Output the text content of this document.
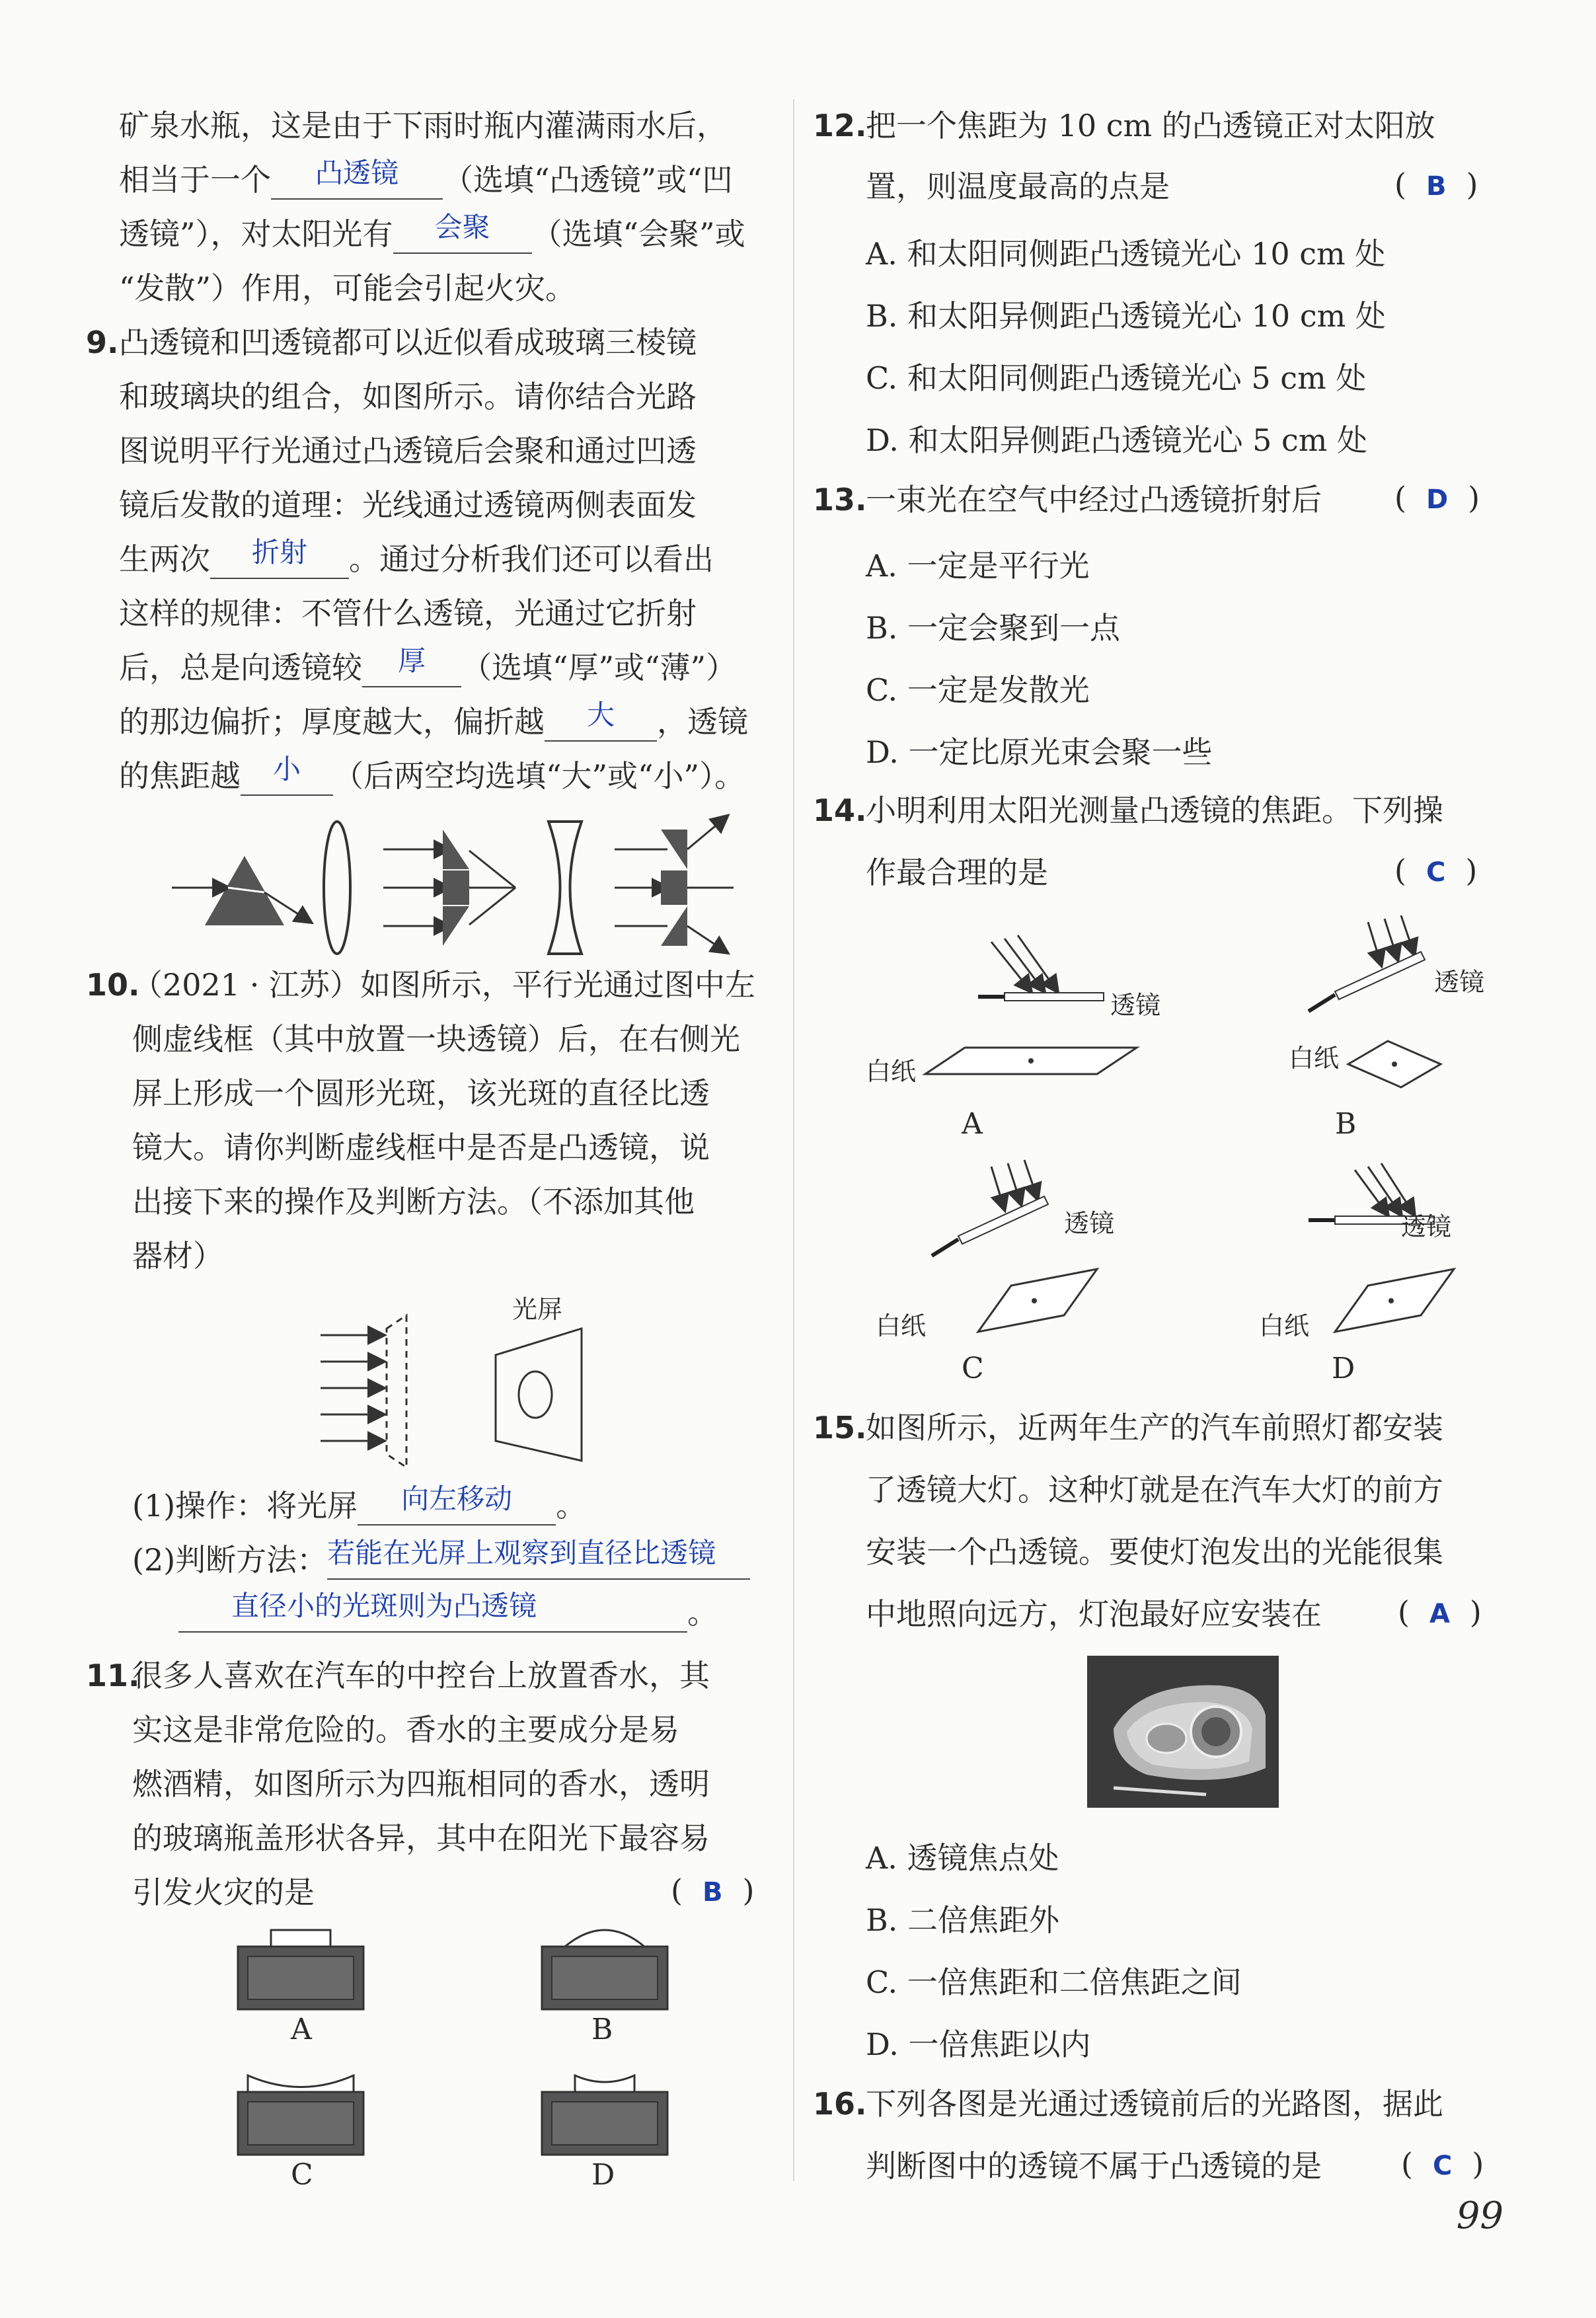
矿泉水瓶，这是由于下雨时瓶内灌满雨水后，
相当于一个 凸透镜 （选填“凸透镜”或“凹
透镜”），对太阳光有 会聚 （选填“会聚”或
“发散”）作用，可能会引起火灾。
9. 凸透镜和凹透镜都可以近似看成玻璃三棱镜
和玻璃块的组合，如图所示。请你结合光路
图说明平行光通过凸透镜后会聚和通过凹透
镜后发散的道理：光线通过透镜两侧表面发
生两次 折射 。通过分析我们还可以看出
这样的规律：不管什么透镜，光通过它折射
后，总是向透镜较 厚 （选填“厚”或“薄”）
的那边偏折；厚度越大，偏折越 大 ，透镜
的焦距越 小 （后两空均选填“大”或“小”）。
10.
（2021 · 江苏）如图所示，平行光通过图中左
侧虚线框（其中放置一块透镜）后，在右侧光
屏上形成一个圆形光斑，该光斑的直径比透
镜大。请你判断虚线框中是否是凸透镜，说
出接下来的操作及判断方法。（不添加其他
器材）
光屏
(1)操作：将光屏 向左移动 。
(2)判断方法：若能在光屏上观察到直径比透镜
直径小的光斑则为凸透镜	。
11.
很多人喜欢在汽车的中控台上放置香水，其
实这是非常危险的。香水的主要成分是易
燃酒精，如图所示为四瓶相同的香水，透明
的玻璃瓶盖形状各异，其中在阳光下最容易
引发火灾的是	( B )
A	B
C	D
12.
把一个焦距为 10 cm 的凸透镜正对太阳放
置，则温度最高的点是	( B )
A. 和太阳同侧距凸透镜光心 10 cm 处
B. 和太阳异侧距凸透镜光心 10 cm 处
C. 和太阳同侧距凸透镜光心 5 cm 处
D. 和太阳异侧距凸透镜光心 5 cm 处
13.
一束光在空气中经过凸透镜折射后 ( D )
A. 一定是平行光
B. 一定会聚到一点
C. 一定是发散光
D. 一定比原光束会聚一些
14.
小明利用太阳光测量凸透镜的焦距。下列操
作最合理的是	( C )
透镜
白纸
A
透镜
白纸
B
透镜
白纸
C
透镜
白纸
D
15.
如图所示，近两年生产的汽车前照灯都安装
了透镜大灯。这种灯就是在汽车大灯的前方
安装一个凸透镜。要使灯泡发出的光能很集
中地照向远方，灯泡最好应安装在	( A )
A. 透镜焦点处
B. 二倍焦距外
C. 一倍焦距和二倍焦距之间
D. 一倍焦距以内
16.
下列各图是光通过透镜前后的光路图，据此
判断图中的透镜不属于凸透镜的是	( C )
99
